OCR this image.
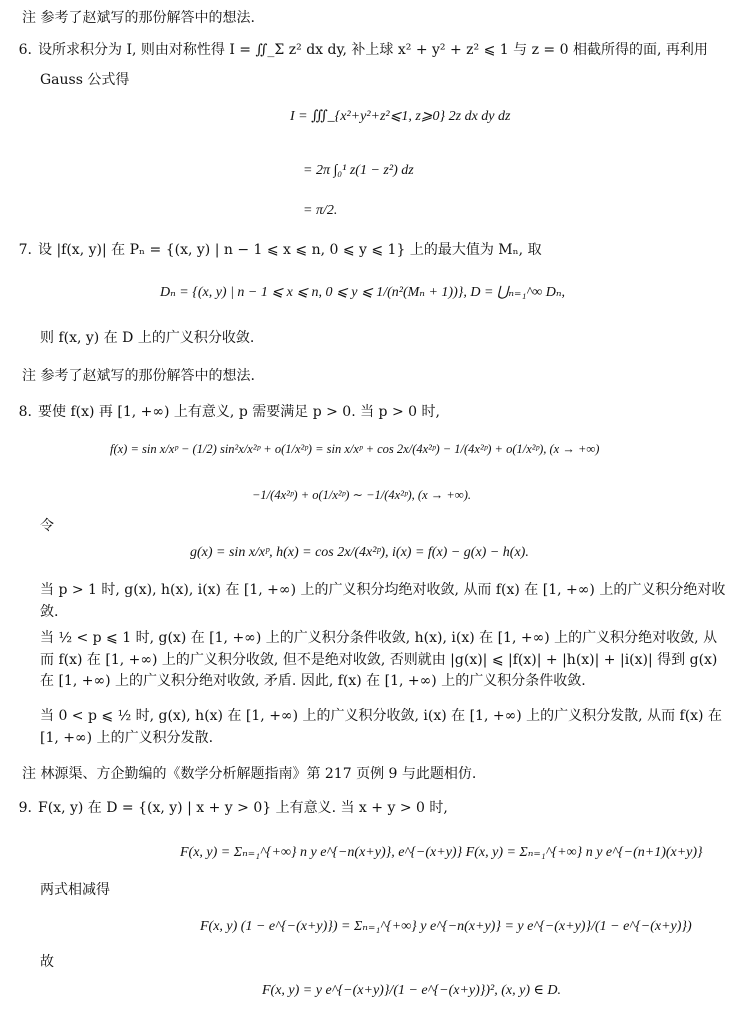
注 参考了赵斌写的那份解答中的想法.
6. 设所求积分为 I, 则由对称性得 I = ∬_Σ z² dx dy, 补上球 x² + y² + z² ⩽ 1 与 z = 0 相截所得的面, 再利用
Gauss 公式得
I = ∭_{x²+y²+z²⩽1, z⩾0} 2z dx dy dz
= 2π ∫₀¹ z(1 − z²) dz
= π/2.
7. 设 |f(x, y)| 在 Pₙ = {(x, y) | n − 1 ⩽ x ⩽ n, 0 ⩽ y ⩽ 1} 上的最大值为 Mₙ, 取
Dₙ = {(x, y) | n − 1 ⩽ x ⩽ n, 0 ⩽ y ⩽ 1/(n²(Mₙ + 1))}, D = ⋃ₙ₌₁^∞ Dₙ,
则 f(x, y) 在 D 上的广义积分收敛.
注 参考了赵斌写的那份解答中的想法.
8. 要使 f(x) 再 [1, +∞) 上有意义, p 需要满足 p > 0. 当 p > 0 时,
f(x) = sin x/xᵖ − (1/2) sin²x/x²ᵖ + o(1/x²ᵖ) = sin x/xᵖ + cos 2x/(4x²ᵖ) − 1/(4x²ᵖ) + o(1/x²ᵖ), (x → +∞)
−1/(4x²ᵖ) + o(1/x²ᵖ) ∼ −1/(4x²ᵖ), (x → +∞).
令
g(x) = sin x/xᵖ, h(x) = cos 2x/(4x²ᵖ), i(x) = f(x) − g(x) − h(x).
当 p > 1 时, g(x), h(x), i(x) 在 [1, +∞) 上的广义积分均绝对收敛, 从而 f(x) 在 [1, +∞) 上的广义积分绝对收敛.
当 ½ < p ⩽ 1 时, g(x) 在 [1, +∞) 上的广义积分条件收敛, h(x), i(x) 在 [1, +∞) 上的广义积分绝对收敛, 从而 f(x) 在 [1, +∞) 上的广义积分收敛, 但不是绝对收敛, 否则就由 |g(x)| ⩽ |f(x)| + |h(x)| + |i(x)| 得到 g(x) 在 [1, +∞) 上的广义积分绝对收敛, 矛盾. 因此, f(x) 在 [1, +∞) 上的广义积分条件收敛.
当 0 < p ⩽ ½ 时, g(x), h(x) 在 [1, +∞) 上的广义积分收敛, i(x) 在 [1, +∞) 上的广义积分发散, 从而 f(x) 在 [1, +∞) 上的广义积分发散.
注 林源渠、方企勤编的《数学分析解题指南》第 217 页例 9 与此题相仿.
9. F(x, y) 在 D = {(x, y) | x + y > 0} 上有意义. 当 x + y > 0 时,
F(x, y) = Σₙ₌₁^{+∞} n y e^{−n(x+y)}, e^{−(x+y)} F(x, y) = Σₙ₌₁^{+∞} n y e^{−(n+1)(x+y)}
两式相减得
F(x, y) (1 − e^{−(x+y)}) = Σₙ₌₁^{+∞} y e^{−n(x+y)} = y e^{−(x+y)}/(1 − e^{−(x+y)})
故
F(x, y) = y e^{−(x+y)}/(1 − e^{−(x+y)})², (x, y) ∈ D.
